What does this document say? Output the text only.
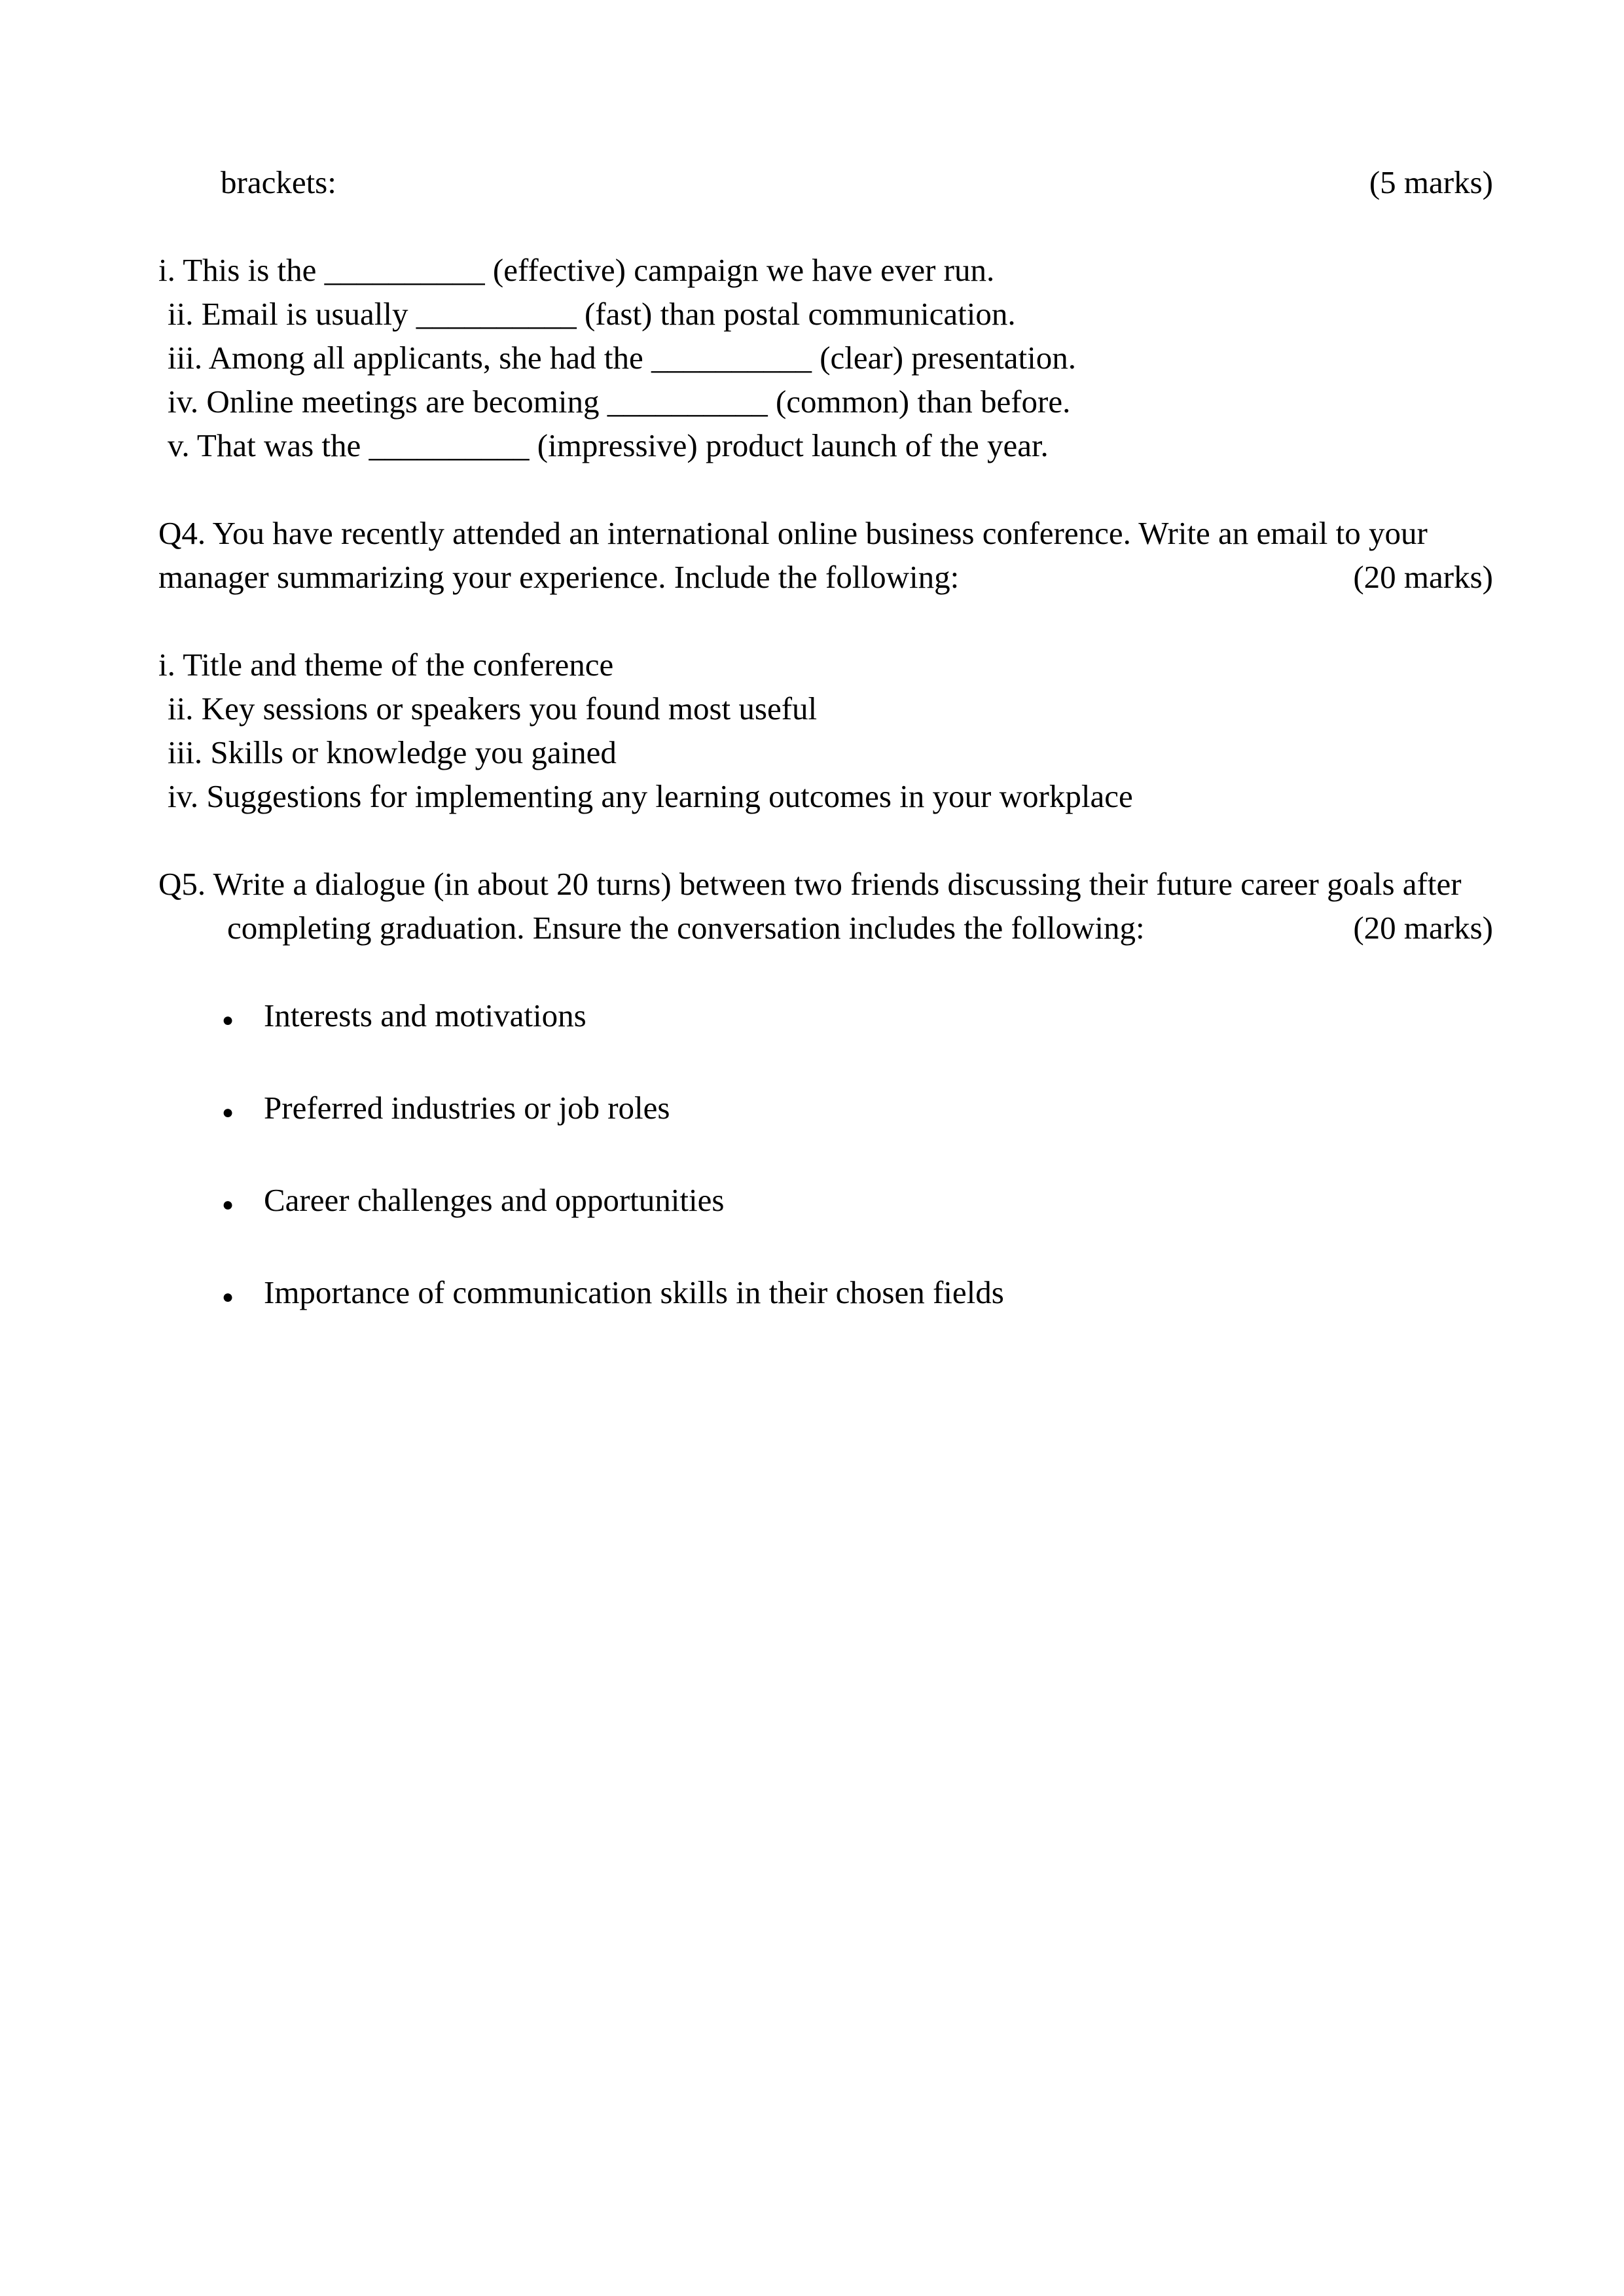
brackets:	(5 marks)
i. This is the __________ (effective) campaign we have ever run.
ii. Email is usually __________ (fast) than postal communication.
iii. Among all applicants, she had the __________ (clear) presentation.
iv. Online meetings are becoming __________ (common) than before.
v. That was the __________ (impressive) product launch of the year.
Q4. You have recently attended an international online business conference. Write an email to your
manager summarizing your experience. Include the following:	(20 marks)
i. Title and theme of the conference
ii. Key sessions or speakers you found most useful
iii. Skills or knowledge you gained
iv. Suggestions for implementing any learning outcomes in your workplace
Q5. Write a dialogue (in about 20 turns) between two friends discussing their future career goals after
completing graduation. Ensure the conversation includes the following:	(20 marks)
● Interests and motivations
● Preferred industries or job roles
● Career challenges and opportunities
● Importance of communication skills in their chosen fields
